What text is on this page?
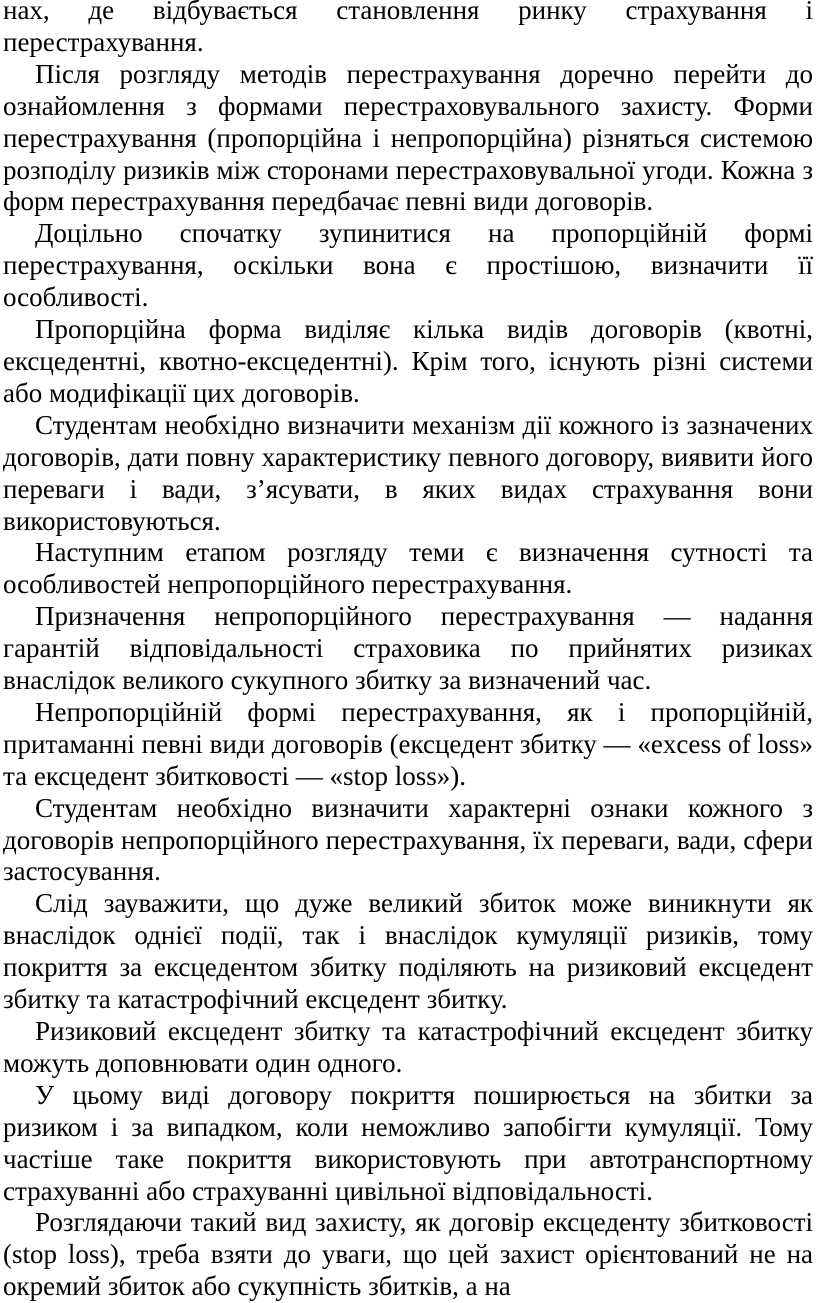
нах, де відбувається становлення ринку страхування і перестрахування.

Після розгляду методів перестрахування доречно перейти до ознайомлення з формами перестраховувального захисту. Форми перестрахування (пропорційна і непропорційна) різняться системою розподілу ризиків між сторонами перестраховувальної угоди. Кожна з форм перестрахування передбачає певні види договорів.

Доцільно спочатку зупинитися на пропорційній формі перестрахування, оскільки вона є простішою, визначити її особливості.

Пропорційна форма виділяє кілька видів договорів (квотні, ексцедентні, квотно-ексцедентні). Крім того, існують різні системи або модифікації цих договорів.

Студентам необхідно визначити механізм дії кожного із зазначених договорів, дати повну характеристику певного договору, виявити його переваги і вади, з’ясувати, в яких видах страхування вони використовуються.

Наступним етапом розгляду теми є визначення сутності та особливостей непропорційного перестрахування.

Призначення непропорційного перестрахування — надання гарантій відповідальності страховика по прийнятих ризиках внаслідок великого сукупного збитку за визначений час.

Непропорційній формі перестрахування, як і пропорційній, притаманні певні види договорів (ексцедент збитку — «excess of loss» та ексцедент збитковості — «stop loss»).

Студентам необхідно визначити характерні ознаки кожного з договорів непропорційного перестрахування, їх переваги, вади, сфери застосування.

Слід зауважити, що дуже великий збиток може виникнути як внаслідок однієї події, так і внаслідок кумуляції ризиків, тому покриття за ексцедентом збитку поділяють на ризиковий ексцедент збитку та катастрофічний ексцедент збитку.

Ризиковий ексцедент збитку та катастрофічний ексцедент збитку можуть доповнювати один одного.

У цьому виді договору покриття поширюється на збитки за ризиком і за випадком, коли неможливо запобігти кумуляції. Тому частіше таке покриття використовують при автотранспортному страхуванні або страхуванні цивільної відповідальності.

Розглядаючи такий вид захисту, як договір ексцеденту збитковості (stop loss), треба взяти до уваги, що цей захист орієнтований не на окремий збиток або сукупність збитків, а на
